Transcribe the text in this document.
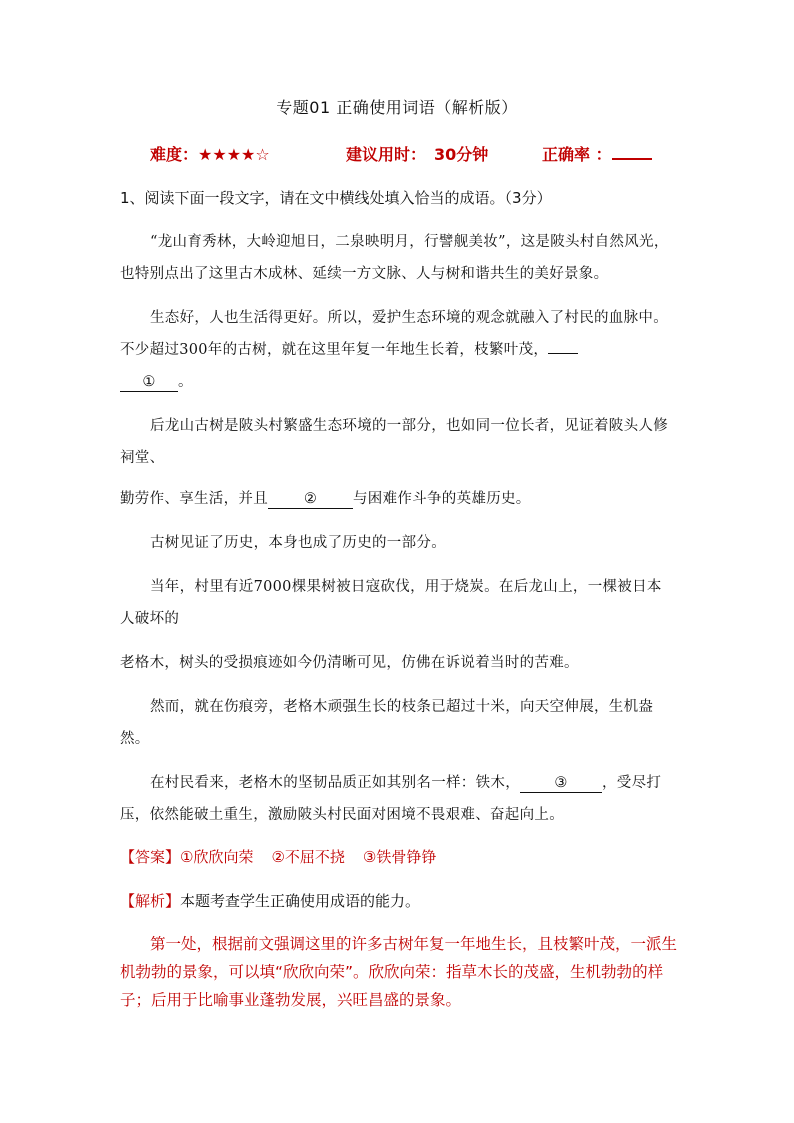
专题01 正确使用词语（解析版）
难度：★★★★☆	建议用时： 30分钟	正确率 ：
1、阅读下面一段文字，请在文中横线处填入恰当的成语。（3分）
“龙山育秀林，大岭迎旭日，二泉映明月，行譬舰美妆”，这是陂头村自然风光，也特别点出了这里古木成林、延续一方文脉、人与树和谐共生的美好景象。
生态好，人也生活得更好。所以，爱护生态环境的观念就融入了村民的血脉中。不少超过300年的古树，就在这里年复一年地生长着，枝繁叶茂，
① 。
后龙山古树是陂头村繁盛生态环境的一部分，也如同一位长者，见证着陂头人修祠堂、
勤劳作、享生活，并且 ② 与困难作斗争的英雄历史。
古树见证了历史，本身也成了历史的一部分。
当年，村里有近7000棵果树被日寇砍伐，用于烧炭。在后龙山上，一棵被日本人破坏的
老格木，树头的受损痕迹如今仍清晰可见，仿佛在诉说着当时的苦难。
然而，就在伤痕旁，老格木顽强生长的枝条已超过十米，向天空伸展，生机盎然。
在村民看来，老格木的坚韧品质正如其别名一样：铁木， ③ ，受尽打压，依然能破土重生，激励陂头村民面对困境不畏艰难、奋起向上。
【答案】①欣欣向荣 ②不屈不挠 ③铁骨铮铮
【解析】本题考查学生正确使用成语的能力。
第一处，根据前文强调这里的许多古树年复一年地生长，且枝繁叶茂，一派生机勃勃的景象，可以填“欣欣向荣”。欣欣向荣：指草木长的茂盛，生机勃勃的样子；后用于比喻事业蓬勃发展，兴旺昌盛的景象。
